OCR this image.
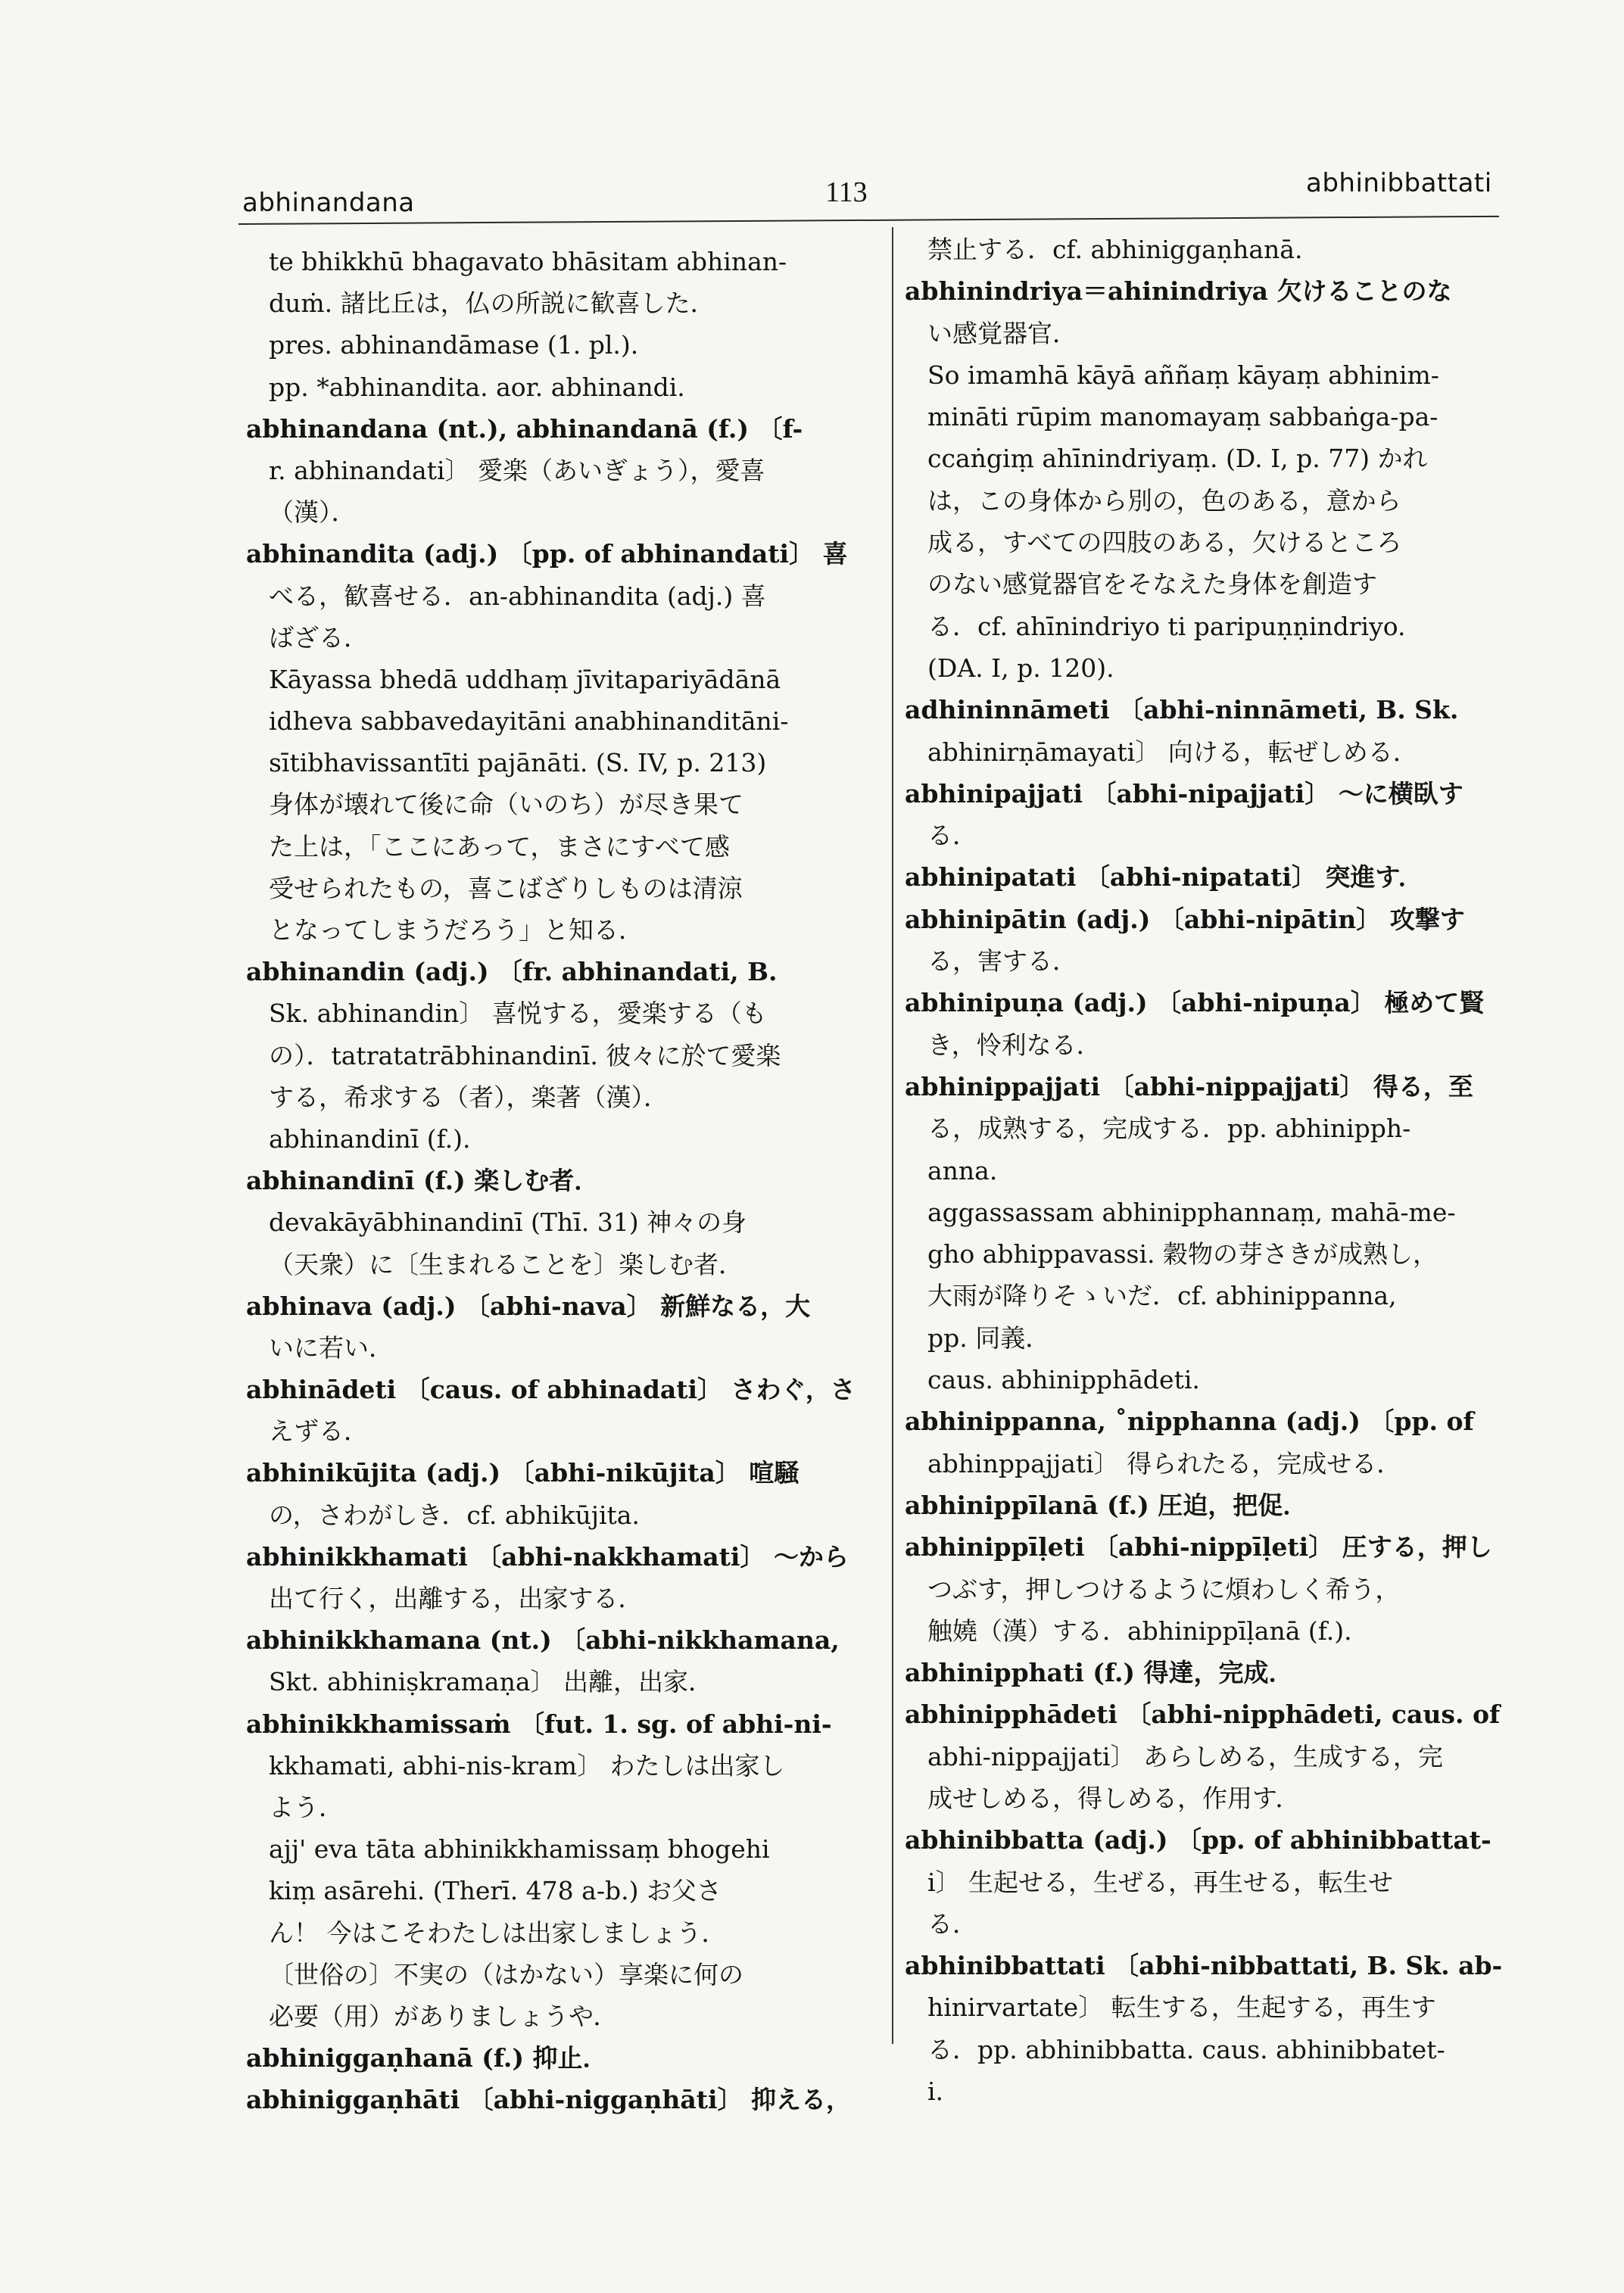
abhinandana	113	abhinibbattati
te bhikkhū bhagavato bhāsitam abhinan-
duṁ. 諸比丘は，仏の所説に歓喜した．
pres. abhinandāmase (1. pl.).
pp. *abhinandita. aor. abhinandi.
abhinandana (nt.), abhinandanā (f.) 〔f-
r. abhinandati〕 愛楽（あいぎょう），愛喜
（漢）．
abhinandita (adj.) 〔pp. of abhinandati〕 喜
べる，歓喜せる．an-abhinandita (adj.) 喜
ばざる．
Kāyassa bhedā uddhaṃ jīvitapariyādānā
idheva sabbavedayitāni anabhinanditāni-
sītibhavissantīti pajānāti. (S. IV, p. 213)
身体が壊れて後に命（いのち）が尽き果て
た上は，「ここにあって，まさにすべて感
受せられたもの，喜こばざりしものは清涼
となってしまうだろう」と知る．
abhinandin (adj.) 〔fr. abhinandati, B.
Sk. abhinandin〕 喜悦する，愛楽する（も
の）．tatratatrābhinandinī. 彼々に於て愛楽
する，希求する（者），楽著（漢）．
abhinandinī (f.).
abhinandinī (f.) 楽しむ者．
devakāyābhinandinī (Thī. 31) 神々の身
（天衆）に〔生まれることを〕楽しむ者．
abhinava (adj.) 〔abhi-nava〕 新鮮なる，大
いに若い．
abhinādeti 〔caus. of abhinadati〕 さわぐ，さ
えずる．
abhinikūjita (adj.) 〔abhi-nikūjita〕 喧騒
の，さわがしき．cf. abhikūjita.
abhinikkhamati 〔abhi-nakkhamati〕 〜から
出て行く，出離する，出家する．
abhinikkhamana (nt.) 〔abhi-nikkhamana,
Skt. abhiniṣkramaṇa〕 出離，出家．
abhinikkhamissaṁ 〔fut. 1. sg. of abhi-ni-
kkhamati, abhi-nis-kram〕 わたしは出家し
よう．
ajj' eva tāta abhinikkhamissaṃ bhogehi
kiṃ asārehi. (Therī. 478 a-b.) お父さ
ん！ 今はこそわたしは出家しましょう．
〔世俗の〕不実の（はかない）享楽に何の
必要（用）がありましょうや．
abhiniggaṇhanā (f.) 抑止．
abhiniggaṇhāti 〔abhi-niggaṇhāti〕 抑える，
禁止する．cf. abhiniggaṇhanā.
abhinindriya＝ahinindriya 欠けることのな
い感覚器官．
So imamhā kāyā aññaṃ kāyaṃ abhinim-
mināti rūpim manomayaṃ sabbaṅga-pa-
ccaṅgiṃ ahīnindriyaṃ. (D. I, p. 77) かれ
は，この身体から別の，色のある，意から
成る，すべての四肢のある，欠けるところ
のない感覚器官をそなえた身体を創造す
る．cf. ahīnindriyo ti paripuṇṇindriyo.
(DA. I, p. 120).
adhininnāmeti 〔abhi-ninnāmeti, B. Sk.
abhinirṇāmayati〕 向ける，転ぜしめる．
abhinipajjati 〔abhi-nipajjati〕 〜に横臥す
る．
abhinipatati 〔abhi-nipatati〕 突進す．
abhinipātin (adj.) 〔abhi-nipātin〕 攻撃す
る，害する．
abhinipuṇa (adj.) 〔abhi-nipuṇa〕 極めて賢
き，怜利なる．
abhinippajjati 〔abhi-nippajjati〕 得る，至
る，成熟する，完成する．pp. abhinipph-
anna.
aggassassam abhinipphannaṃ, mahā-me-
gho abhippavassi. 穀物の芽さきが成熟し，
大雨が降りそゝいだ．cf. abhinippanna,
pp. 同義．
caus. abhinipphādeti.
abhinippanna, ˚nipphanna (adj.) 〔pp. of
abhinppajjati〕 得られたる，完成せる．
abhinippīlanā (f.) 圧迫，把促．
abhinippīḷeti 〔abhi-nippīḷeti〕 圧する，押し
つぶす，押しつけるように煩わしく希う，
触嬈（漢）する．abhinippīḷanā (f.).
abhinipphati (f.) 得達，完成．
abhinipphādeti 〔abhi-nipphādeti, caus. of
abhi-nippajjati〕 あらしめる，生成する，完
成せしめる，得しめる，作用す．
abhinibbatta (adj.) 〔pp. of abhinibbattat-
i〕 生起せる，生ぜる，再生せる，転生せ
る．
abhinibbattati 〔abhi-nibbattati, B. Sk. ab-
hinirvartate〕 転生する，生起する，再生す
る．pp. abhinibbatta. caus. abhinibbatet-
i.
